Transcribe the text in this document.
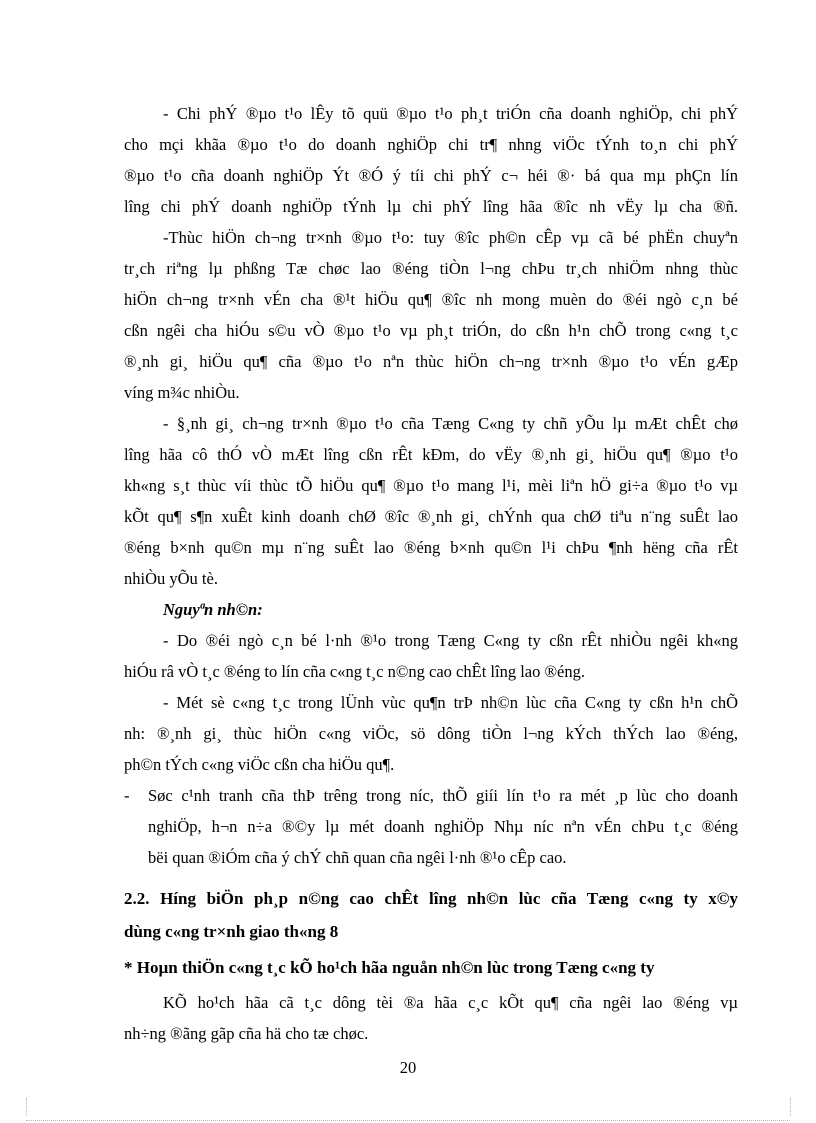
- Chi phÝ ®µo t¹o lÊy tõ quü ®µo t¹o ph¸t triÓn cña doanh nghiÖp, chi phÝ
cho mçi khãa ®µo t¹o do doanh nghiÖp chi tr¶ nhng viÖc tÝnh to¸n chi phÝ
®µo t¹o cña doanh nghiÖp Ýt ®Ó ý tíi chi phÝ c¬ héi ®· bá qua mµ phÇn lín
lîng chi phÝ doanh nghiÖp tÝnh lµ chi phÝ lîng hãa ®îc nh vËy lµ cha ®ñ.
-Thùc hiÖn ch¬ng tr×nh ®µo t¹o: tuy ®îc ph©n cÊp vµ cã bé phËn chuyªn
tr¸ch riªng lµ phßng Tæ chøc lao ®éng tiÒn l¬ng chÞu tr¸ch nhiÖm nhng thùc
hiÖn ch¬ng tr×nh vÉn cha ®¹t hiÖu qu¶ ®îc nh mong muèn do ®éi ngò c¸n bé
cßn ngêi cha hiÓu s©u vÒ ®µo t¹o vµ ph¸t triÓn, do cßn h¹n chÕ trong c«ng t¸c
®¸nh gi¸ hiÖu qu¶ cña ®µo t¹o nªn thùc hiÖn ch¬ng tr×nh ®µo t¹o vÉn gÆp
víng m¾c nhiÒu.
- §¸nh gi¸ ch¬ng tr×nh ®µo t¹o cña Tæng C«ng ty chñ yÕu lµ mÆt chÊt chø
lîng hãa cô thÓ vÒ mÆt lîng cßn rÊt kÐm, do vËy ®¸nh gi¸ hiÖu qu¶ ®µo t¹o
kh«ng s¸t thùc víi thùc tÕ hiÖu qu¶ ®µo t¹o mang l¹i, mèi liªn hÖ gi÷a ®µo t¹o vµ
kÕt qu¶ s¶n xuÊt kinh doanh chØ ®îc ®¸nh gi¸ chÝnh qua chØ tiªu n¨ng suÊt lao
®éng b×nh qu©n mµ n¨ng suÊt lao ®éng b×nh qu©n l¹i chÞu ¶nh hëng cña rÊt
nhiÒu yÕu tè.
Nguyªn nh©n:
- Do ®éi ngò c¸n bé l·nh ®¹o trong Tæng C«ng ty cßn rÊt nhiÒu ngêi kh«ng
hiÓu râ vÒ t¸c ®éng to lín cña c«ng t¸c n©ng cao chÊt lîng lao ®éng.
- Mét sè c«ng t¸c trong lÜnh vùc qu¶n trÞ nh©n lùc cña C«ng ty cßn h¹n chÕ
nh: ®¸nh gi¸ thùc hiÖn c«ng viÖc, sö dông tiÒn l¬ng kÝch thÝch lao ®éng,
ph©n tÝch c«ng viÖc cßn cha hiÖu qu¶.
- Søc c¹nh tranh cña thÞ trêng trong níc, thÕ giíi lín t¹o ra mét ¸p lùc cho doanh
nghiÖp, h¬n n÷a ®©y lµ mét doanh nghiÖp Nhµ níc nªn vÉn chÞu t¸c ®éng
bëi quan ®iÓm cña ý chÝ chñ quan cña ngêi l·nh ®¹o cÊp cao.
2.2. Híng biÖn ph¸p n©ng cao chÊt lîng nh©n lùc cña Tæng c«ng ty x©y
dùng c«ng tr×nh giao th«ng 8
* Hoµn thiÖn c«ng t¸c kÕ ho¹ch hãa nguån nh©n lùc trong Tæng c«ng ty
KÕ ho¹ch hãa cã t¸c dông tèi ®a hãa c¸c kÕt qu¶ cña ngêi lao ®éng vµ
nh÷ng ®ãng gãp cña hä cho tæ chøc.
20
